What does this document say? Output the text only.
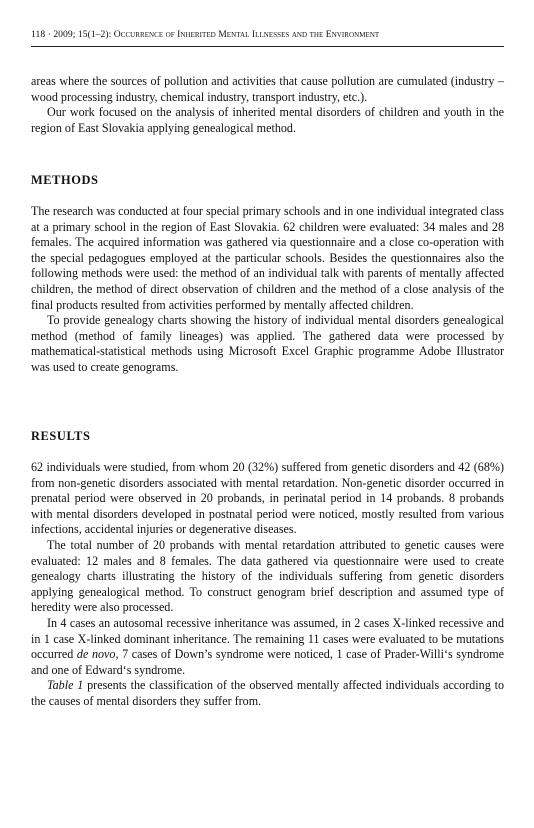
118 · 2009; 15(1–2): Occurrence of Inherited Mental Illnesses and the Environment

areas where the sources of pollution and activities that cause pollution are cumulated (industry – wood processing industry, chemical industry, transport industry, etc.).

Our work focused on the analysis of inherited mental disorders of children and youth in the region of East Slovakia applying genealogical method.

METHODS

The research was conducted at four special primary schools and in one individual integrated class at a primary school in the region of East Slovakia. 62 children were evaluated: 34 males and 28 females. The acquired information was gathered via questionnaire and a close co-operation with the special pedagogues employed at the particular schools. Besides the questionnaires also the following methods were used: the method of an individual talk with parents of mentally affected children, the method of direct observation of children and the method of a close analysis of the final products resulted from activities performed by mentally affected children.

To provide genealogy charts showing the history of individual mental disorders genealogical method (method of family lineages) was applied. The gathered data were processed by mathematical-statistical methods using Microsoft Excel Graphic programme Adobe Illustrator was used to create genograms.

RESULTS

62 individuals were studied, from whom 20 (32%) suffered from genetic disorders and 42 (68%) from non-genetic disorders associated with mental retardation. Non-genetic disorder occurred in prenatal period were observed in 20 probands, in perinatal period in 14 probands. 8 probands with mental disorders developed in postnatal period were noticed, mostly resulted from various infections, accidental injuries or degenerative diseases.

The total number of 20 probands with mental retardation attributed to genetic causes were evaluated: 12 males and 8 females. The data gathered via questionnaire were used to create genealogy charts illustrating the history of the individuals suffering from genetic disorders applying genealogical method. To construct genogram brief description and assumed type of heredity were also processed.

In 4 cases an autosomal recessive inheritance was assumed, in 2 cases X-linked recessive and in 1 case X-linked dominant inheritance. The remaining 11 cases were evaluated to be mutations occurred de novo, 7 cases of Down’s syndrome were noticed, 1 case of Prader-Willi‘s syndrome and one of Edward‘s syndrome.

Table 1 presents the classification of the observed mentally affected individuals according to the causes of mental disorders they suffer from.
